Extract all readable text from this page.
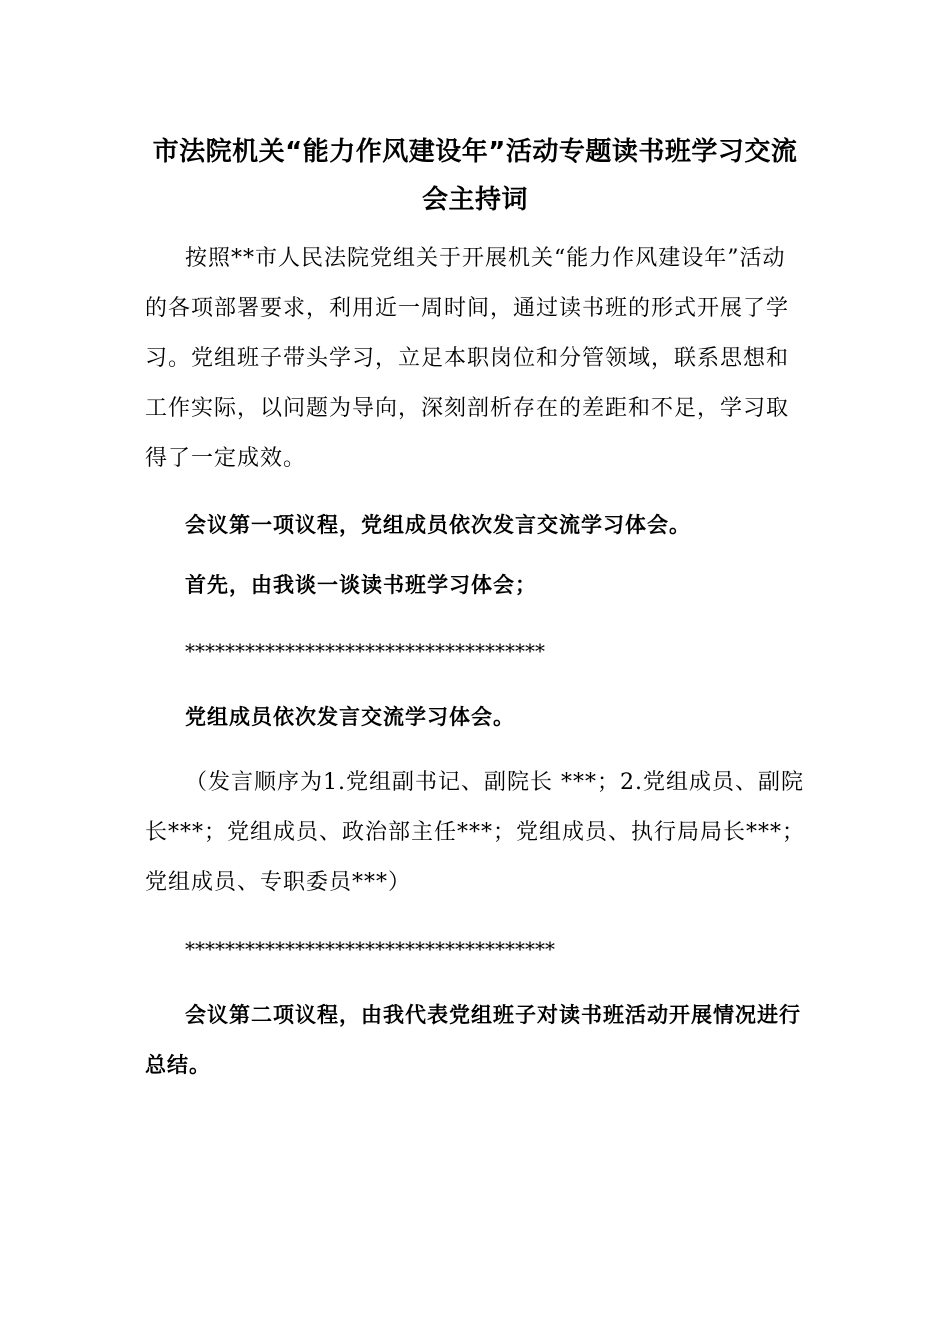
市法院机关“能力作风建设年”活动专题读书班学习交流
会主持词

按照**市人民法院党组关于开展机关“能力作风建设年”活动的各项部署要求，利用近一周时间，通过读书班的形式开展了学习。党组班子带头学习，立足本职岗位和分管领域，联系思想和工作实际，以问题为导向，深刻剖析存在的差距和不足，学习取得了一定成效。

会议第一项议程，党组成员依次发言交流学习体会。

首先，由我谈一谈读书班学习体会；

************************************

党组成员依次发言交流学习体会。

（发言顺序为1.党组副书记、副院长 ***；2.党组成员、副院长***；党组成员、政治部主任***；党组成员、执行局局长***；党组成员、专职委员***）

*************************************

会议第二项议程，由我代表党组班子对读书班活动开展情况进行总结。
